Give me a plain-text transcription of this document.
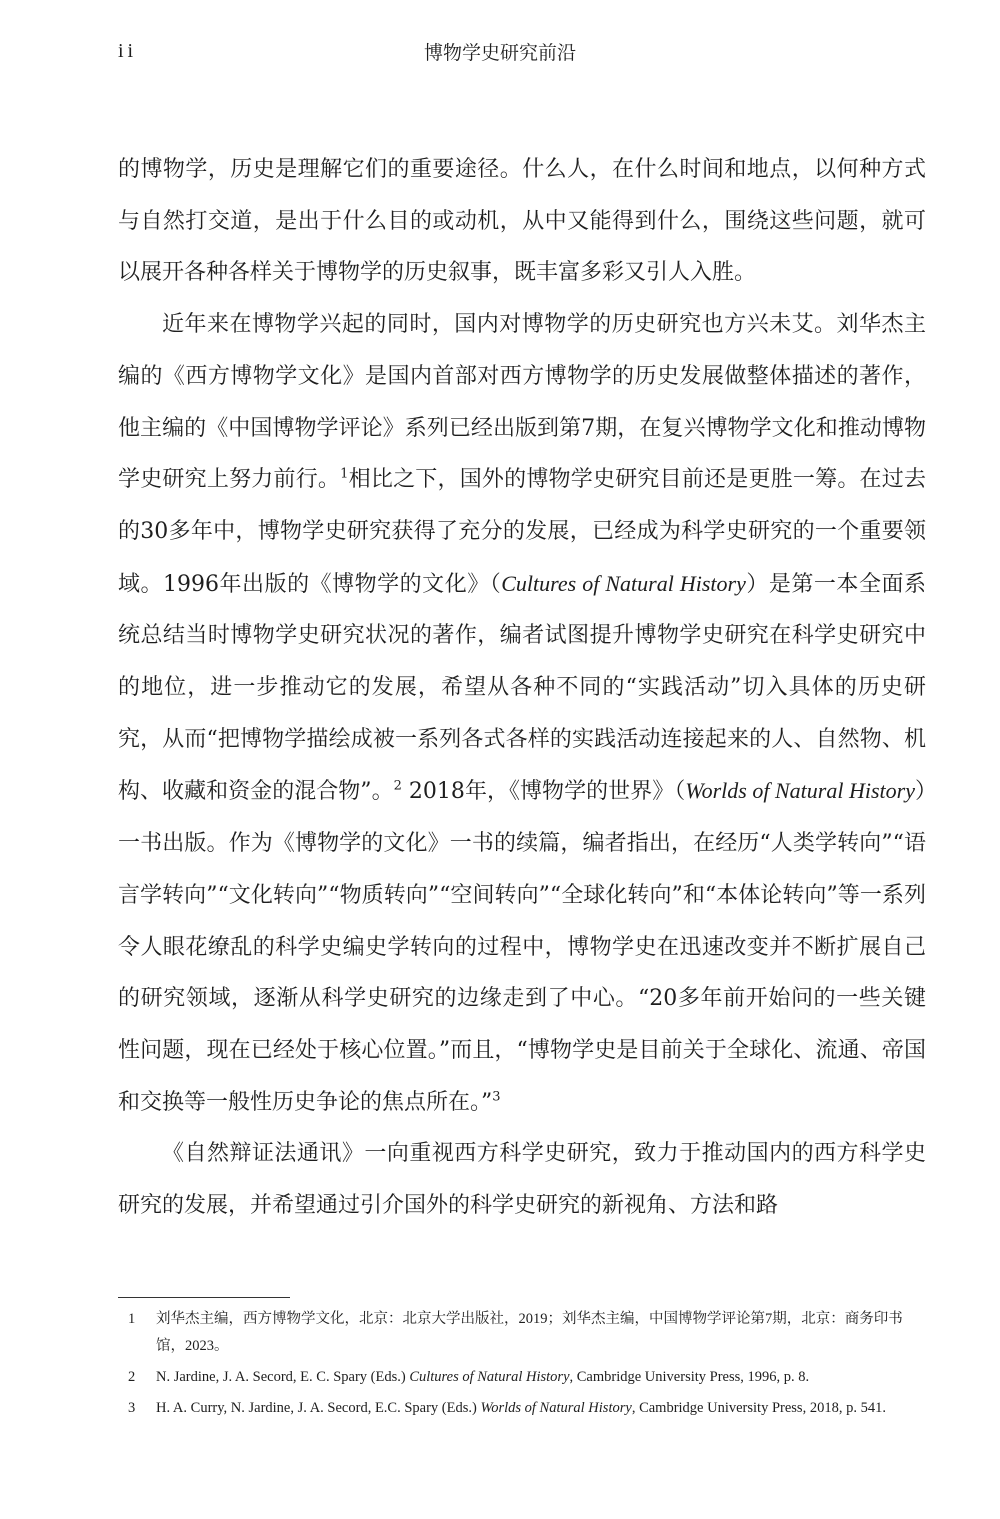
ii	博物学史研究前沿

的博物学，历史是理解它们的重要途径。什么人，在什么时间和地点，以何种方式与自然打交道，是出于什么目的或动机，从中又能得到什么，围绕这些问题，就可以展开各种各样关于博物学的历史叙事，既丰富多彩又引人入胜。

近年来在博物学兴起的同时，国内对博物学的历史研究也方兴未艾。刘华杰主编的《西方博物学文化》是国内首部对西方博物学的历史发展做整体描述的著作，他主编的《中国博物学评论》系列已经出版到第7期，在复兴博物学文化和推动博物学史研究上努力前行。$^1$相比之下，国外的博物学史研究目前还是更胜一筹。在过去的30多年中，博物学史研究获得了充分的发展，已经成为科学史研究的一个重要领域。1996年出版的《博物学的文化》（Cultures of Natural History）是第一本全面系统总结当时博物学史研究状况的著作，编者试图提升博物学史研究在科学史研究中的地位，进一步推动它的发展，希望从各种不同的“实践活动”切入具体的历史研究，从而“把博物学描绘成被一系列各式各样的实践活动连接起来的人、自然物、机构、收藏和资金的混合物”。$^2$ 2018年，《博物学的世界》（Worlds of Natural History）一书出版。作为《博物学的文化》一书的续篇，编者指出，在经历“人类学转向”“语言学转向”“文化转向”“物质转向”“空间转向”“全球化转向”和“本体论转向”等一系列令人眼花缭乱的科学史编史学转向的过程中，博物学史在迅速改变并不断扩展自己的研究领域，逐渐从科学史研究的边缘走到了中心。“20多年前开始问的一些关键性问题，现在已经处于核心位置。”而且，“博物学史是目前关于全球化、流通、帝国和交换等一般性历史争论的焦点所在。”$^3$

《自然辩证法通讯》一向重视西方科学史研究，致力于推动国内的西方科学史研究的发展，并希望通过引介国外的科学史研究的新视角、方法和路

1	刘华杰主编，西方博物学文化，北京：北京大学出版社，2019；刘华杰主编，中国博物学评论第7期，北京：商务印书馆，2023。
2	N. Jardine, J. A. Secord, E. C. Spary (Eds.) Cultures of Natural History, Cambridge University Press, 1996, p. 8.
3	H. A. Curry, N. Jardine, J. A. Secord, E.C. Spary (Eds.) Worlds of Natural History, Cambridge University Press, 2018, p. 541.
